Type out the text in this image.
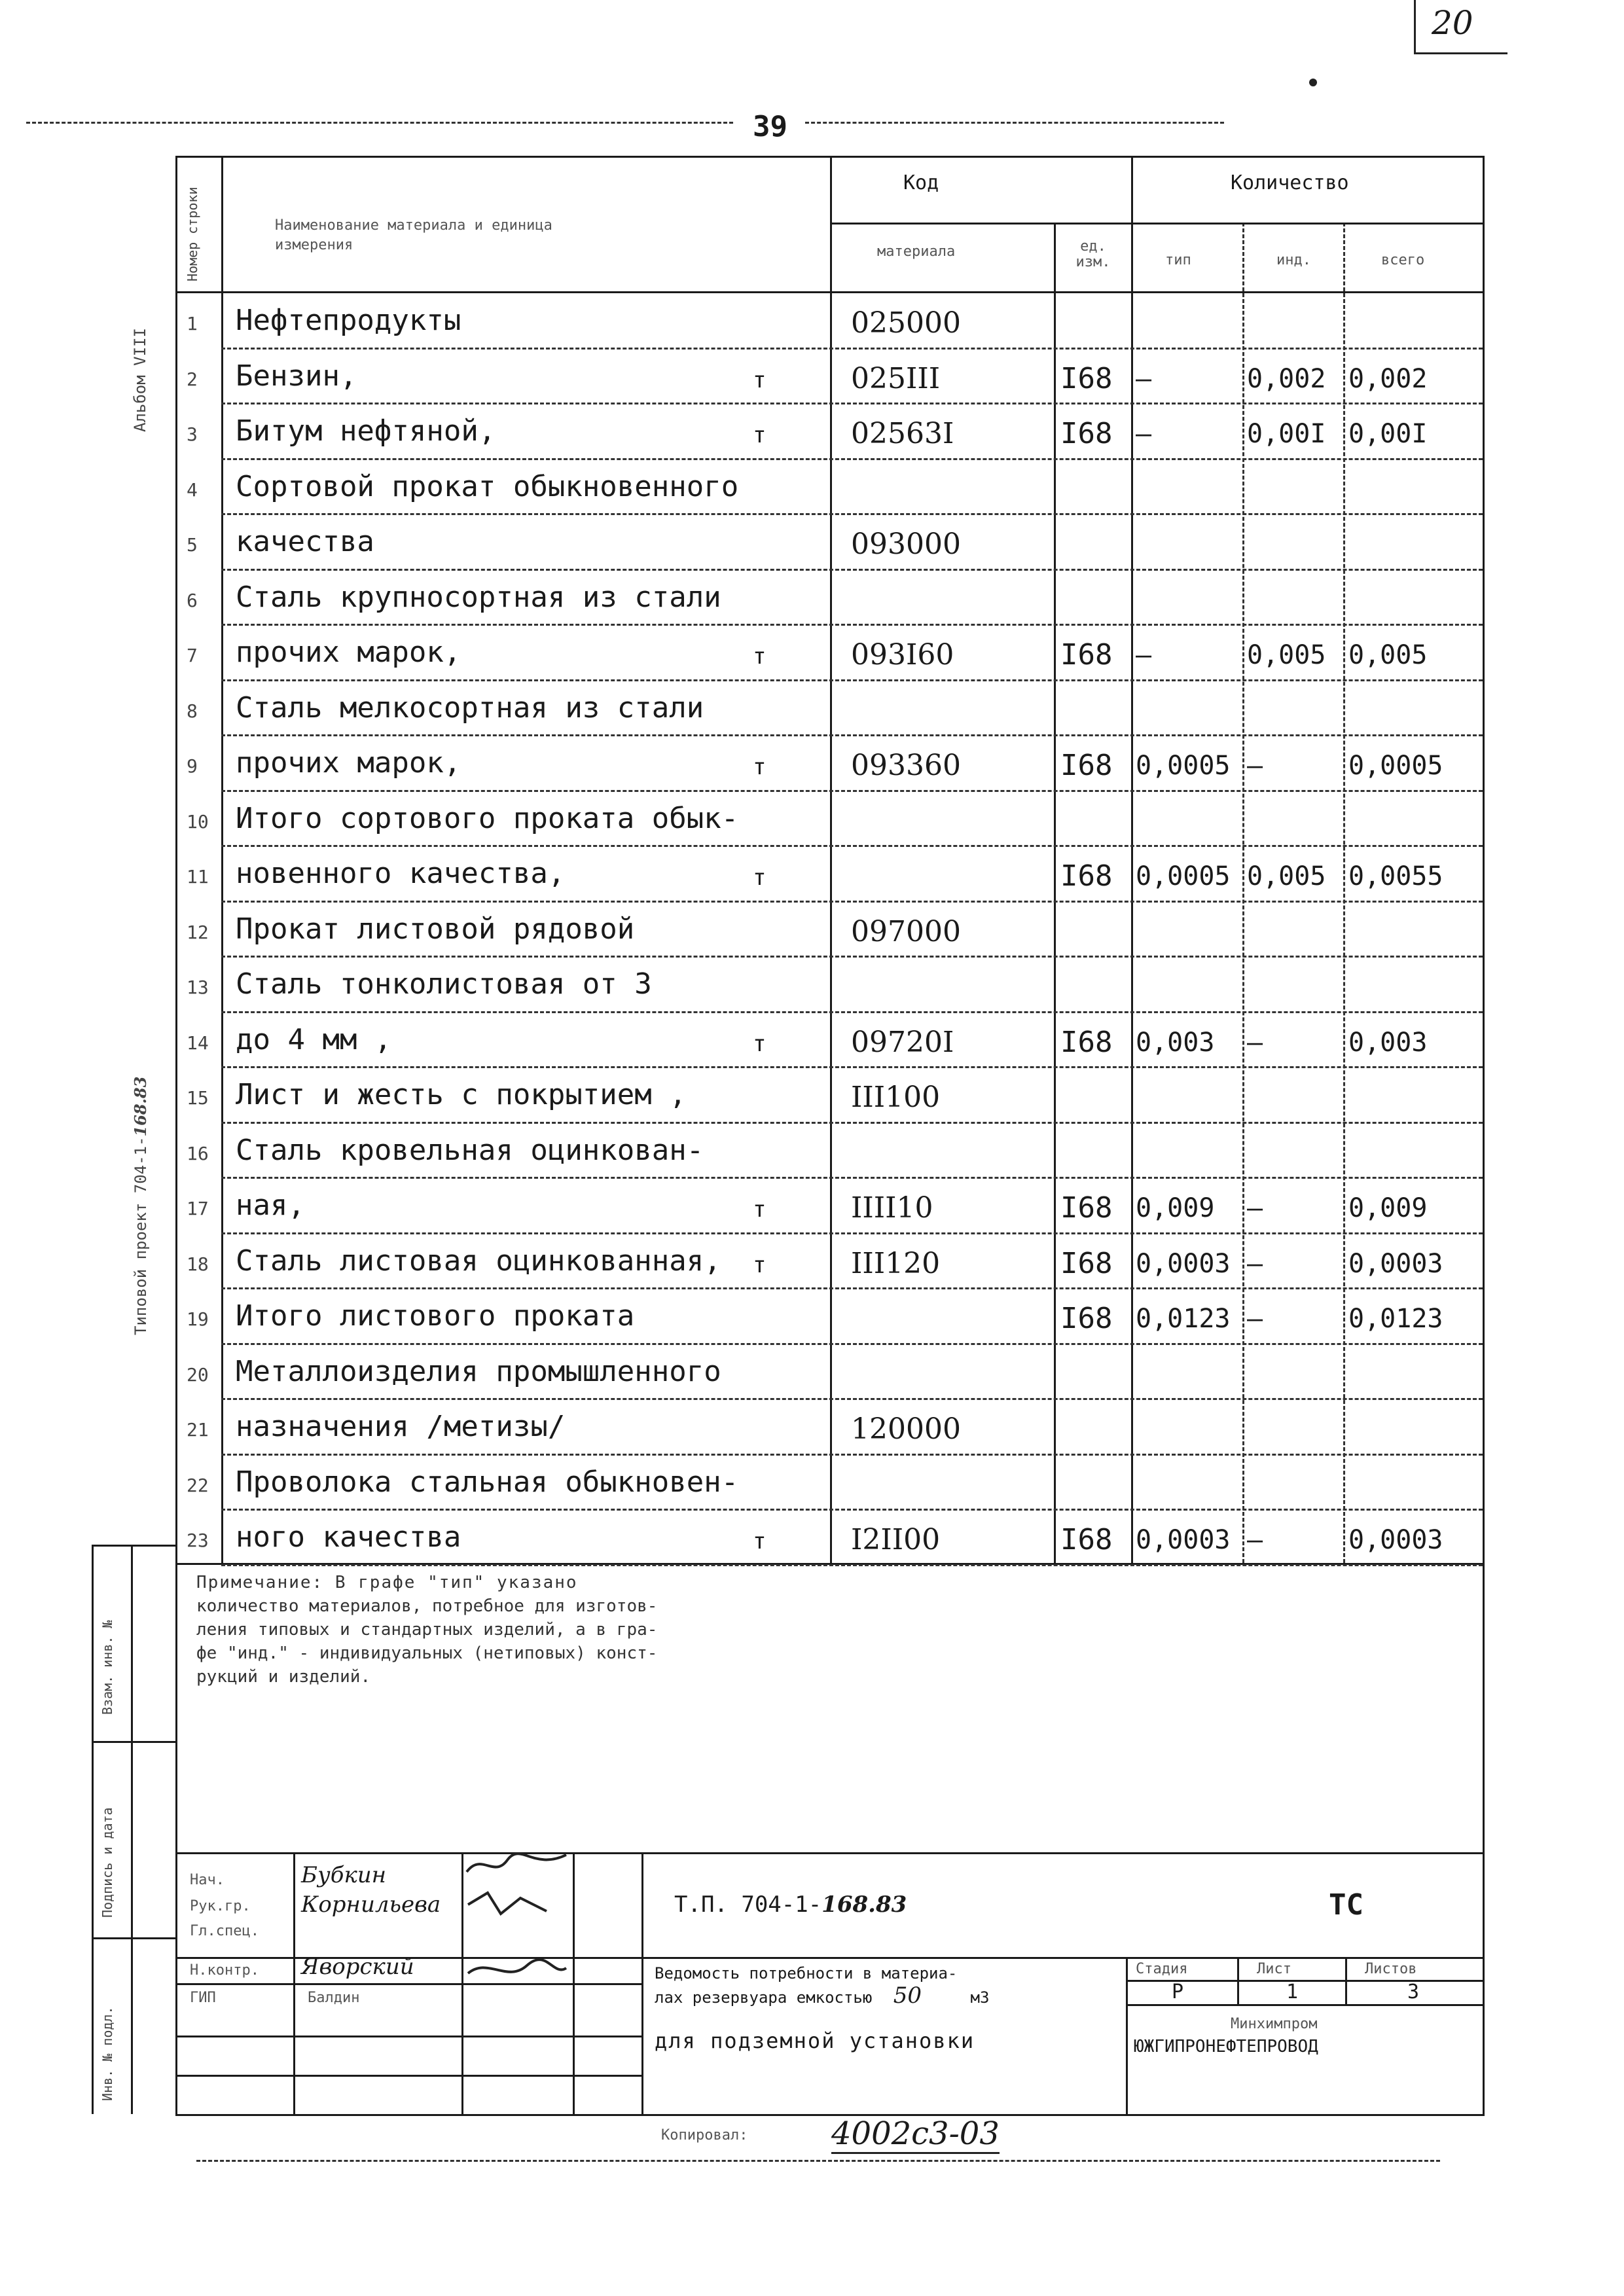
20
39
Номер строки	Наименование материала и единица измерения
Код	Количество
материала	ед. изм.	тип	инд.	всего
Альбом VIII
Типовой проект 704-1-168.83
1 Нефтепродукты	025000
2 Бензин,	т	025III	I68 –	0,002 0,002
3 Битум нефтяной,	т	02563I	I68 –	0,00I 0,00I
4 Сортовой прокат обыкновенного
5 качества	093000
6 Сталь крупносортная из стали
7 прочих марок,	т	093I60	I68 –	0,005 0,005
8 Сталь мелкосортная из стали
9 прочих марок,	т	093360	I68 0,0005 –	0,0005
10 Итого сортового проката обык-
11 новенного качества,	т	I68 0,0005 0,005 0,0055
12 Прокат листовой рядовой	097000
13 Сталь тонколистовая от 3
14 до 4 мм ,	т	09720I	I68 0,003 –	0,003
15 Лист и жесть с покрытием ,	III100
16 Сталь кровельная оцинкован-
17 ная,	т	IIII10	I68 0,009 –	0,009
18 Сталь листовая оцинкованная, т	III120	I68 0,0003 –	0,0003
19 Итого листового проката	I68 0,0123 –	0,0123
20 Металлоизделия промышленного
21 назначения /метизы/	120000
22 Проволока стальная обыкновен-
23 ного качества	т	I2II00	I68 0,0003 –	0,0003
Примечание: В графе "тип" указано
количество материалов, потребное для изготов-
ления типовых и стандартных изделий, а в гра-
фе "инд." - индивидуальных (нетиповых) конст-
рукций и изделий.
Нач.	Бубкин
Рук.гр. Корнильева
Гл.спец.
Н.контр. Яворский
ГИП	Балдин
Т.П. 704-1-168.83	ТС
Ведомость потребности в материа-
лах резервуара емкостью 50	м3
для подземной установки
Стадия	Лист	Листов
Р	1	3
Минхимпром
ЮЖГИПРОНЕФТЕПРОВОД
Взам. инв. №
Подпись и дата
Инв. № подл.
Копировал:	4002с3-03
